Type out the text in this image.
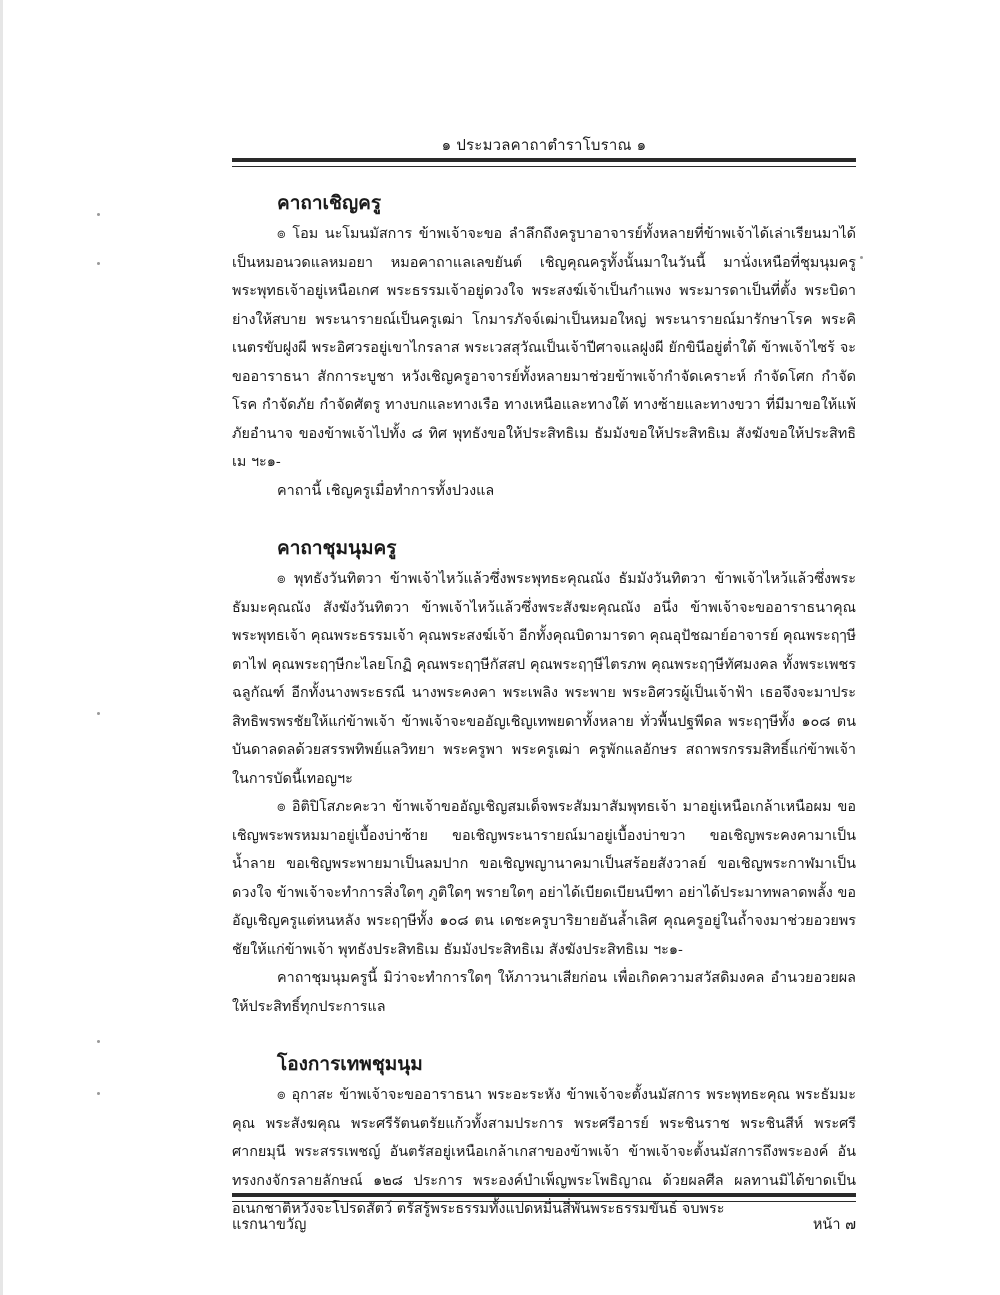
๑ ประมวลคาถาตำราโบราณ ๑
คาถาเชิญครู

๏ โอม นะโมนมัสการ ข้าพเจ้าจะขอ ลำลึกถึงครูบาอาจารย์ทั้งหลายที่ข้าพเจ้าได้เล่าเรียนมาได้เป็นหมอนวดแลหมอยา หมอคาถาแลเลขยันต์ เชิญคุณครูทั้งนั้นมาในวันนี้ มานั่งเหนือที่ชุมนุมครู พระพุทธเจ้าอยู่เหนือเกศ พระธรรมเจ้าอยู่ดวงใจ พระสงฆ์เจ้าเป็นกำแพง พระมารดาเป็นที่ตั้ง พระบิดาย่างให้สบาย พระนารายณ์เป็นครูเฒ่า โกมารภัจจ์เฒ่าเป็นหมอใหญ่ พระนารายณ์มารักษาโรค พระคิเนตรขับฝูงผี พระอิศวรอยู่เขาไกรลาส พระเวสสุวัณเป็นเจ้าปีศาจแลฝูงผี ยักขินีอยู่ต่ำใต้ ข้าพเจ้าไซร้ จะขออาราธนา สักการะบูชา หวังเชิญครูอาจารย์ทั้งหลายมาช่วยข้าพเจ้ากำจัดเคราะห์ กำจัดโศก กำจัดโรค กำจัดภัย กำจัดศัตรู ทางบกและทางเรือ ทางเหนือและทางใต้ ทางซ้ายและทางขวา ที่มีมาขอให้แพ้ภัยอำนาจ ของข้าพเจ้าไปทั้ง ๘ ทิศ พุทธังขอให้ประสิทธิเม ธัมมังขอให้ประสิทธิเม สังฆังขอให้ประสิทธิเม ฯะ๑-

คาถานี้ เชิญครูเมื่อทำการทั้งปวงแล

คาถาชุมนุมครู

๏ พุทธังวันทิตวา ข้าพเจ้าไหว้แล้วซึ่งพระพุทธะคุณณัง ธัมมังวันทิตวา ข้าพเจ้าไหว้แล้วซึ่งพระธัมมะคุณณัง สังฆังวันทิตวา ข้าพเจ้าไหว้แล้วซึ่งพระสังฆะคุณณัง อนึ่ง ข้าพเจ้าจะขออาราธนาคุณพระพุทธเจ้า คุณพระธรรมเจ้า คุณพระสงฆ์เจ้า อีกทั้งคุณบิดามารดา คุณอุปัชฌาย์อาจารย์ คุณพระฤๅษีตาไฟ คุณพระฤๅษีกะไลยโกฏิ คุณพระฤๅษีกัสสป คุณพระฤๅษีไตรภพ คุณพระฤๅษีทัศมงคล ทั้งพระเพชรฉลูกัณฑ์ อีกทั้งนางพระธรณี นางพระคงคา พระเพลิง พระพาย พระอิศวรผู้เป็นเจ้าฟ้า เธอจึงจะมาประสิทธิพรพรชัยให้แก่ข้าพเจ้า ข้าพเจ้าจะขออัญเชิญเทพยดาทั้งหลาย ทั่วพื้นปฐพีดล พระฤๅษีทั้ง ๑๐๘ ตน บันดาลดลด้วยสรรพทิพย์แลวิทยา พระครูพา พระครูเฒ่า ครูพักแลอักษร สถาพรกรรมสิทธิ์แก่ข้าพเจ้าในการบัดนี้เทอญฯะ

๏ อิติปิโสภะคะวา ข้าพเจ้าขออัญเชิญสมเด็จพระสัมมาสัมพุทธเจ้า มาอยู่เหนือเกล้าเหนือผม ขอเชิญพระพรหมมาอยู่เบื้องบ่าซ้าย ขอเชิญพระนารายณ์มาอยู่เบื้องบ่าขวา ขอเชิญพระคงคามาเป็นน้ำลาย ขอเชิญพระพายมาเป็นลมปาก ขอเชิญพญานาคมาเป็นสร้อยสังวาลย์ ขอเชิญพระกาฬมาเป็นดวงใจ ข้าพเจ้าจะทำการสิ่งใดๆ ภูติใดๆ พรายใดๆ อย่าได้เบียดเบียนบีฑา อย่าได้ประมาทพลาดพลั้ง ขออัญเชิญครูแต่หนหลัง พระฤๅษีทั้ง ๑๐๘ ตน เดชะครูบาริยายอันล้ำเลิศ คุณครูอยู่ในถ้ำจงมาช่วยอวยพรชัยให้แก่ข้าพเจ้า พุทธังประสิทธิเม ธัมมังประสิทธิเม สังฆังประสิทธิเม ฯะ๑-

คาถาชุมนุมครูนี้ มิว่าจะทำการใดๆ ให้ภาวนาเสียก่อน เพื่อเกิดความสวัสดิมงคล อำนวยอวยผลให้ประสิทธิ์ทุกประการแล

โองการเทพชุมนุม

๏ อุกาสะ ข้าพเจ้าจะขออาราธนา พระอะระหัง ข้าพเจ้าจะตั้งนมัสการ พระพุทธะคุณ พระธัมมะคุณ พระสังฆคุณ พระศรีรัตนตรัยแก้วทั้งสามประการ พระศรีอารย์ พระชินราช พระชินสีห์ พระศรีศากยมุนี พระสรรเพชญ์ อันตรัสอยู่เหนือเกล้าเกสาของข้าพเจ้า ข้าพเจ้าจะตั้งนมัสการถึงพระองค์ อันทรงกงจักรลายลักษณ์ ๑๒๘ ประการ พระองค์บำเพ็ญพระโพธิญาณ ด้วยผลศีล ผลทานมิได้ขาดเป็นอเนกชาติหวังจะโปรดสัตว์ ตรัสรู้พระธรรมทั้งแปดหมื่นสี่พันพระธรรมขันธ์ จบพระ

แรกนาขวัญ	หน้า ๗
